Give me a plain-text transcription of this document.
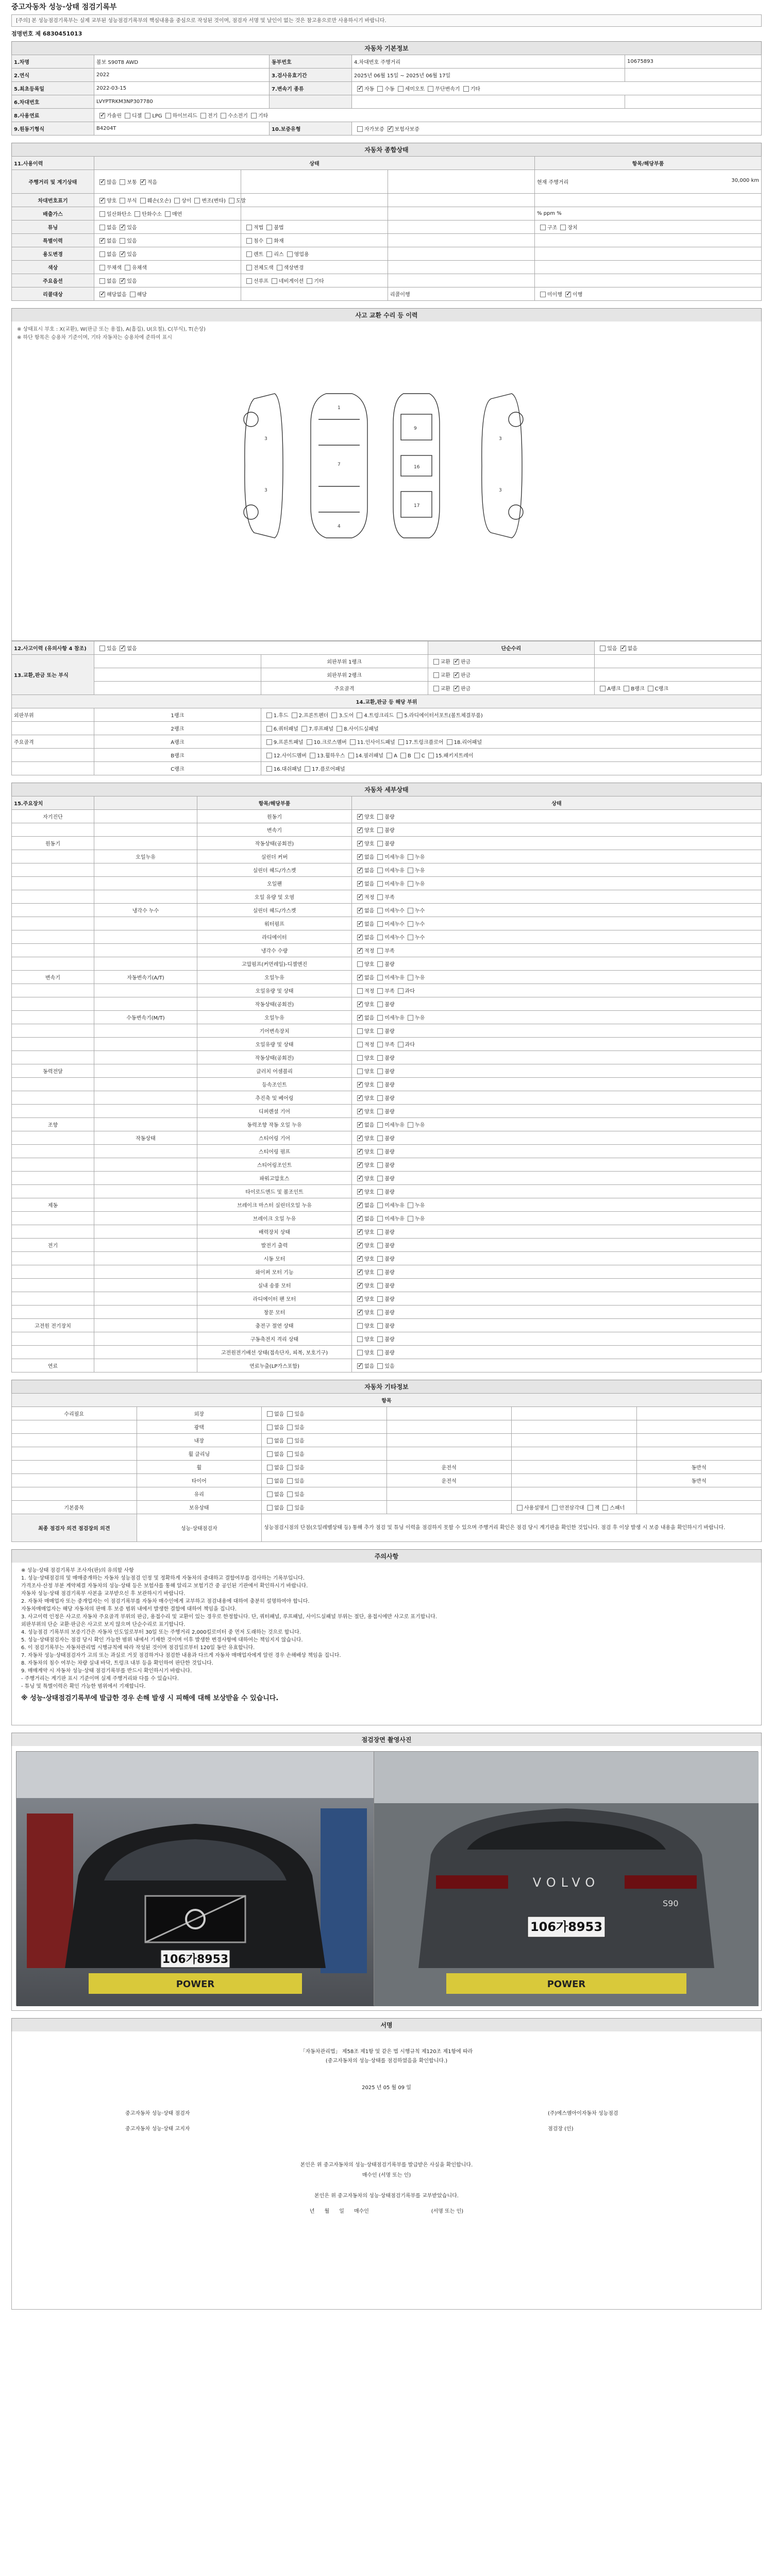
중고자동차 성능·상태 점검기록부
[주의] 본 성능점검기록부는 실제 교부된 성능점검기록부의 핵심내용을 중심으로 작성된 것이며, 점검자 서명 및 날인이 없는 것은 참고용으로만 사용하시기 바랍니다.
점명번호 제 6830451013
자동차 기본정보
1.차명	볼보 S90T8 AWD	동부번호	4.차대번호 주행거리	10675893
2.연식	2022	3.검사유효기간	2025년 06월 15일 ~ 2025년 06월 17일	
5.최초등록일	2022-03-15	7.변속기 종류	✓자동 수동 세미오토 무단변속기 기타
6.차대번호	LVYPTRKM3NP307780			
8.사용연료	✓가솔린 디젤 LPG 하이브리드 전기 수소전기 기타
9.원동기형식	B4204T	10.보증유형	자가보증 ✓ 보험사보증
자동차 종합상태
11.사용이력	상태			항목/해당부품
주행거리 및 계기상태	✓많음 보통 ✓ 적음			현재 주행거리 30,000 km

차대번호표기	✓양호 부식 훼손(오손) 상이 변조(변타) 도말			
배출가스	일산화탄소 탄화수소 매연			% ppm %
튜닝	없음 ✓ 있음	적법 불법		구조 장치
특별이력	✓없음 있음	침수 화재		
용도변경	없음 ✓ 있음	렌트 리스 영업용		
색상	무채색 유채색	전체도색 색상변경		
주요옵션	없음 ✓ 있음	선루프 네비게이션 기타		
리콜대상	✓해당없음 해당		리콜이행	미이행 ✓ 이행
사고 교환 수리 등 이력
※ 상태표시 부호 : X(교환), W(판금 또는 용접), A(흠집), U(요철), C(부식), T(손상)
※ 하단 항목은 승용차 기준이며, 기타 자동차는 승용차에 준하여 표시
3
3
1
7
4
9
16
17
3
3
12.사고이력 (유의사항 4 참조)	있음 ✓ 없음		단순수리	있음 ✓ 없음
13.교환,판금 또는 부식		외판부위 1랭크	교환 ✓ 판금	
		외판부위 2랭크	교환 ✓ 판금	
		주요골격	교환 ✓ 판금	A랭크 B랭크 C랭크
14.교환,판금 등 해당 부위				
외판부위	1랭크	1.후드 2.프론트펜더 3.도어 4.트렁크리드 5.라디에이터서포트(볼트체결부품)		
	2랭크	6.쿼터패널 7.루프패널 8.사이드실패널		
주요골격	A랭크	9.프론트패널 10.크로스멤버 11.인사이드패널 17.트렁크플로어 18.리어패널		
	B랭크	12.사이드멤버 13.휠하우스 14.필러패널 A B C 15.패키지트레이		
	C랭크	16.대쉬패널 17.플로어패널		
자동차 세부상태
15.주요장치		항목/해당부품	상태
자기진단		원동기	✓양호 불량
		변속기	✓양호 불량
원동기		작동상태(공회전)	✓양호 불량
	오일누유	실린더 커버	✓없음 미세누유 누유
		실린더 헤드/가스켓	✓없음 미세누유 누유
		오일팬	✓없음 미세누유 누유
		오일 유량 및 오염	✓적정 부족
	냉각수 누수	실린더 헤드/가스켓	✓없음 미세누수 누수
		워터펌프	✓없음 미세누수 누수
		라디에이터	✓없음 미세누수 누수
		냉각수 수량	✓적정 부족
		고압펌프(커먼레일)-디젤엔진	양호 불량
변속기	자동변속기(A/T)	오일누유	✓없음 미세누유 누유
		오일유량 및 상태	적정 부족 과다
		작동상태(공회전)	✓양호 불량
	수동변속기(M/T)	오일누유	✓없음 미세누유 누유
		기어변속장치	양호 불량
		오일유량 및 상태	적정 부족 과다
		작동상태(공회전)	양호 불량
동력전달		클러치 어셈블리	양호 불량
		등속조인트	✓양호 불량
		추진축 및 베어링	✓양호 불량
		디퍼렌셜 기어	✓양호 불량
조향		동력조향 작동 오일 누유	✓없음 미세누유 누유
	작동상태	스티어링 기어	✓양호 불량
		스티어링 펌프	✓양호 불량
		스티어링조인트	✓양호 불량
		파워고압호스	✓양호 불량
		타이로드엔드 및 볼조인트	✓양호 불량
제동		브레이크 마스터 실린더오일 누유	✓없음 미세누유 누유
		브레이크 오일 누유	✓없음 미세누유 누유
		배력장치 상태	✓양호 불량
전기		발전기 출력	✓양호 불량
		시동 모터	✓양호 불량
		와이퍼 모터 기능	✓양호 불량
		실내 송풍 모터	✓양호 불량
		라디에이터 팬 모터	✓양호 불량
		창문 모터	✓양호 불량
고전원 전기장치		충전구 절연 상태	양호 불량
		구동축전지 격리 상태	양호 불량
		고전원전기배선 상태(접속단자, 피복, 보호기구)	양호 불량
연료		연료누출(LP가스포함)	✓없음 있음
자동차 기타정보
항목					
수리필요	외장	없음 있음			
	광택	없음 있음			
	내장	없음 있음			
	휠 클리닝	없음 있음			
	휠	없음 있음	운전석		동반석
	타이어	없음 있음	운전석		동반석
	유리	없음 있음			
기본품목	보유상태	없음 있음		사용설명서 안전삼각대 잭 스패너	
최종 점검자 의견 점검장의 의견	성능·상태점검자	성능점검시점의 단점(오일레벨상태 등) 통해 추가 점검 및 튜닝 이력을 점검하지 못할 수 있으며 주행거리 확인은 점검 당시 계기판을 확인한 것입니다. 점검 후 이상 발생 시 보증 내용을 확인하시기 바랍니다.			
주의사항

※ 성능·상태 점검기록부 조사자(판)의 유의할 사항

1. 성능·상태점검의 및 매매중개하는 자동차 성능점검 인정 및 정확하게 자동차의 중대하고 결함여부를 검사하는 기록부입니다.

가격조사·산정 부분 계약체결 자동차의 성능·상태 등은 보험사를 통해 알리고 보험기간 중 공인된 기관에서 확인하시기 바랍니다.

자동차 성능·상태 점검기록부 사본을 교부받으신 후 보관하시기 바랍니다.

2. 자동차 매매업자 또는 중개업자는 이 점검기록부를 자동차 매수인에게 교부하고 점검내용에 대하여 충분히 설명하여야 합니다.

자동차매매업자는 해당 자동차의 판매 후 보증 범위 내에서 발생한 결함에 대하여 책임을 집니다.

3. 사고이력 인정은 사고로 자동차 주요골격 부위의 판금, 용접수리 및 교환이 있는 경우로 한정합니다. 단, 쿼터패널, 루프패널, 사이드실패널 부위는 절단, 용접시에만 사고로 표기합니다.

외판부위의 단순 교환·판금은 사고로 보지 않으며 단순수리로 표기합니다.

4. 성능점검 기록부의 보증기간은 자동차 인도일로부터 30일 또는 주행거리 2,000킬로미터 중 먼저 도래하는 것으로 합니다.

5. 성능·상태점검자는 점검 당시 확인 가능한 범위 내에서 기재한 것이며 이후 발생한 변경사항에 대하여는 책임지지 않습니다.

6. 이 점검기록부는 자동차관리법 시행규칙에 따라 작성된 것이며 점검일로부터 120일 동안 유효합니다.

7. 자동차 성능·상태점검자가 고의 또는 과실로 거짓 점검하거나 점검한 내용과 다르게 자동차 매매업자에게 알린 경우 손해배상 책임을 집니다.

8. 자동차의 침수 여부는 차량 실내 바닥, 트렁크 내부 등을 확인하여 판단한 것입니다.

9. 매매계약 시 자동차 성능·상태 점검기록부를 반드시 확인하시기 바랍니다.

- 주행거리는 계기판 표시 기준이며 실제 주행거리와 다를 수 있습니다.

- 튜닝 및 특별이력은 확인 가능한 범위에서 기재합니다.

※ 성능·상태점검기록부에 발급한 경우 손해 발생 시 피해에 대해 보상받을 수 있습니다.

점검장면 촬영사진
106가8953
POWER
VOLVO
S90
106가8953
POWER
서명
「자동차관리법」 제58조 제1항 및 같은 법 시행규칙 제120조 제1항에 따라
(중고자동차의 성능·상태를 점검하였음을 확인합니다.)
2025 년 05 월 09 일
중고자동차 성능·상태 점검자
중고자동차 성능·상태 고지자
(주)에스엠아이자동차 성능점검
점검장 (인)
본인은 위 중고자동차의 성능·상태점검기록부를 발급받은 사실을 확인합니다.
매수인 (서명 또는 인)
본인은 위 중고자동차의 성능·상태점검기록부를 교부받았습니다.
년      월      일      매수인                                      (서명 또는 인)
